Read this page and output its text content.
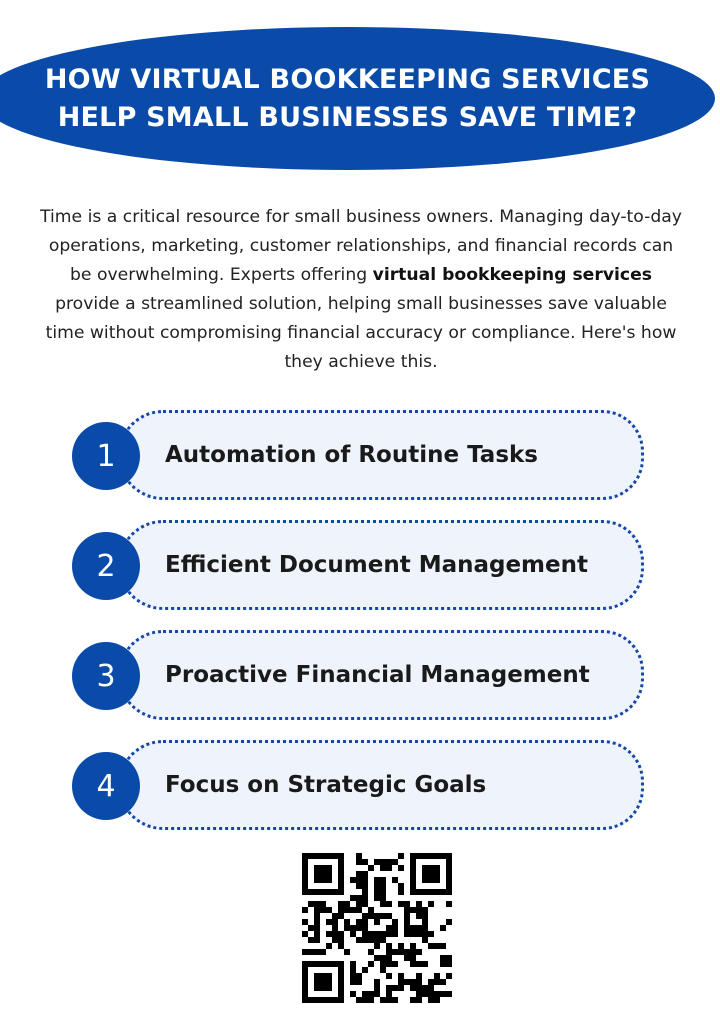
HOW VIRTUAL BOOKKEEPING SERVICES
HELP SMALL BUSINESSES SAVE TIME?

Time is a critical resource for small business owners. Managing day-to-day operations, marketing, customer relationships, and financial records can be overwhelming. Experts offering virtual bookkeeping services provide a streamlined solution, helping small businesses save valuable time without compromising financial accuracy or compliance. Here's how they achieve this.

Automation of Routine Tasks
1
Efficient Document Management
2
Proactive Financial Management
3
Focus on Strategic Goals
4
